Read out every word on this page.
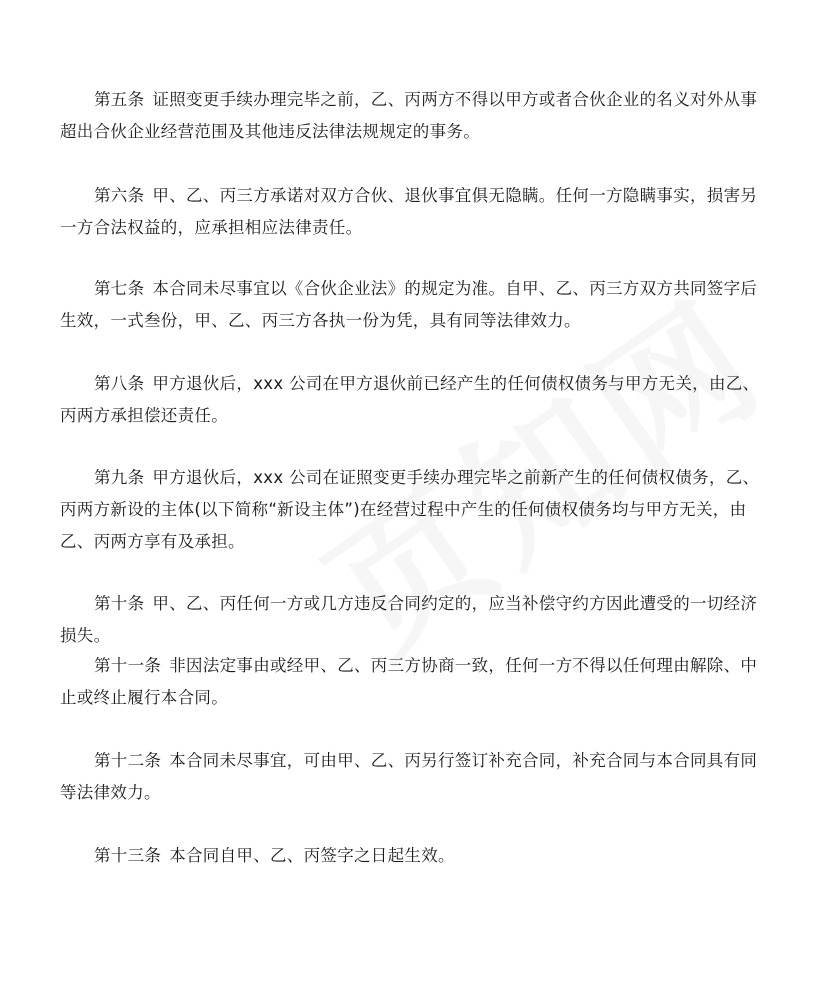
第五条 证照变更手续办理完毕之前，乙、丙两方不得以甲方或者合伙企业的名义对外从事超出合伙企业经营范围及其他违反法律法规规定的事务。

第六条 甲、乙、丙三方承诺对双方合伙、退伙事宜俱无隐瞒。任何一方隐瞒事实，损害另一方合法权益的，应承担相应法律责任。

第七条 本合同未尽事宜以《合伙企业法》的规定为准。自甲、乙、丙三方双方共同签字后生效，一式叁份，甲、乙、丙三方各执一份为凭，具有同等法律效力。

第八条 甲方退伙后，xxx 公司在甲方退伙前已经产生的任何债权债务与甲方无关，由乙、丙两方承担偿还责任。

第九条 甲方退伙后，xxx 公司在证照变更手续办理完毕之前新产生的任何债权债务，乙、丙两方新设的主体(以下简称“新设主体”)在经营过程中产生的任何债权债务均与甲方无关，由乙、丙两方享有及承担。

第十条 甲、乙、丙任何一方或几方违反合同约定的，应当补偿守约方因此遭受的一切经济损失。

第十一条 非因法定事由或经甲、乙、丙三方协商一致，任何一方不得以任何理由解除、中止或终止履行本合同。

第十二条 本合同未尽事宜，可由甲、乙、丙另行签订补充合同，补充合同与本合同具有同等法律效力。

第十三条 本合同自甲、乙、丙签字之日起生效。
